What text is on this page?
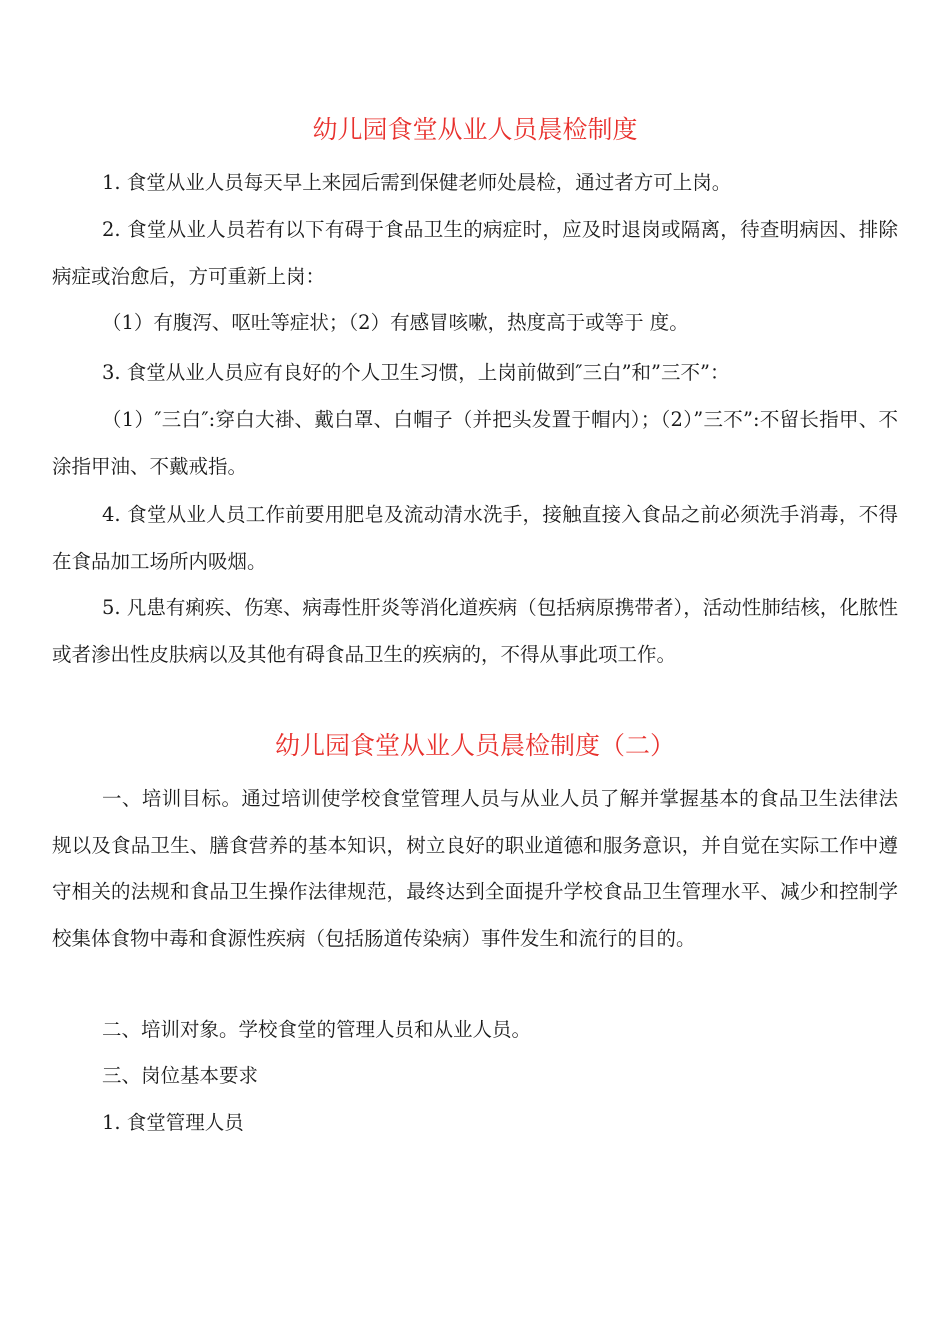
幼儿园食堂从业人员晨检制度
1. 食堂从业人员每天早上来园后需到保健老师处晨检，通过者方可上岗。
2. 食堂从业人员若有以下有碍于食品卫生的病症时，应及时退岗或隔离，待查明病因、排除病症或治愈后，方可重新上岗：
（1）有腹泻、呕吐等症状；（2）有感冒咳嗽，热度高于或等于 度。
3. 食堂从业人员应有良好的个人卫生习惯，上岗前做到″三白”和”三不”：
（1）″三白″:穿白大褂、戴白罩、白帽子（并把头发置于帽内）；（2）”三不”:不留长指甲、不涂指甲油、不戴戒指。
4. 食堂从业人员工作前要用肥皂及流动清水洗手，接触直接入食品之前必须洗手消毒，不得在食品加工场所内吸烟。
5. 凡患有痢疾、伤寒、病毒性肝炎等消化道疾病（包括病原携带者），活动性肺结核，化脓性或者渗出性皮肤病以及其他有碍食品卫生的疾病的，不得从事此项工作。
幼儿园食堂从业人员晨检制度（二）
一、培训目标。通过培训使学校食堂管理人员与从业人员了解并掌握基本的食品卫生法律法规以及食品卫生、膳食营养的基本知识，树立良好的职业道德和服务意识，并自觉在实际工作中遵守相关的法规和食品卫生操作法律规范，最终达到全面提升学校食品卫生管理水平、减少和控制学校集体食物中毒和食源性疾病（包括肠道传染病）事件发生和流行的目的。
二、培训对象。学校食堂的管理人员和从业人员。
三、岗位基本要求
1. 食堂管理人员
